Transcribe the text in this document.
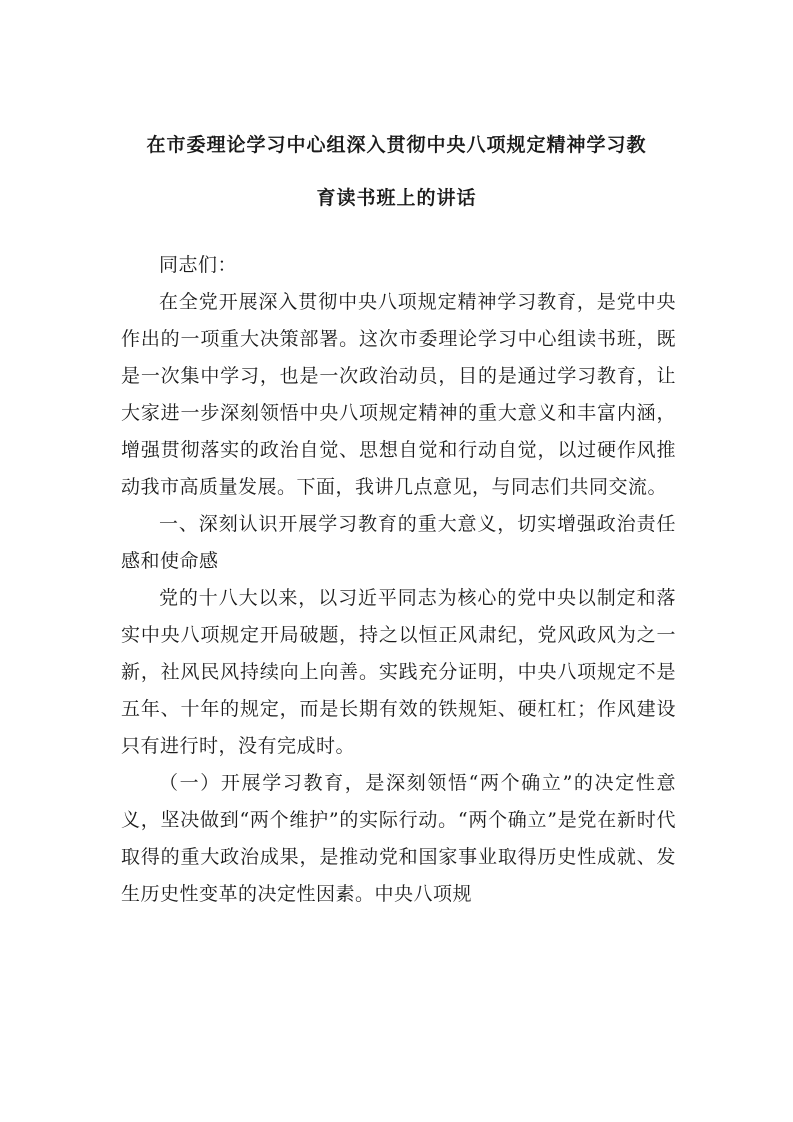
在市委理论学习中心组深入贯彻中央八项规定精神学习教
育读书班上的讲话

同志们：

在全党开展深入贯彻中央八项规定精神学习教育，是党中央作出的一项重大决策部署。这次市委理论学习中心组读书班，既是一次集中学习，也是一次政治动员，目的是通过学习教育，让大家进一步深刻领悟中央八项规定精神的重大意义和丰富内涵，增强贯彻落实的政治自觉、思想自觉和行动自觉，以过硬作风推动我市高质量发展。下面，我讲几点意见，与同志们共同交流。

一、深刻认识开展学习教育的重大意义，切实增强政治责任感和使命感

党的十八大以来，以习近平同志为核心的党中央以制定和落实中央八项规定开局破题，持之以恒正风肃纪，党风政风为之一新，社风民风持续向上向善。实践充分证明，中央八项规定不是五年、十年的规定，而是长期有效的铁规矩、硬杠杠；作风建设只有进行时，没有完成时。

（一）开展学习教育，是深刻领悟“两个确立”的决定性意义，坚决做到“两个维护”的实际行动。“两个确立”是党在新时代取得的重大政治成果，是推动党和国家事业取得历史性成就、发生历史性变革的决定性因素。中央八项规
